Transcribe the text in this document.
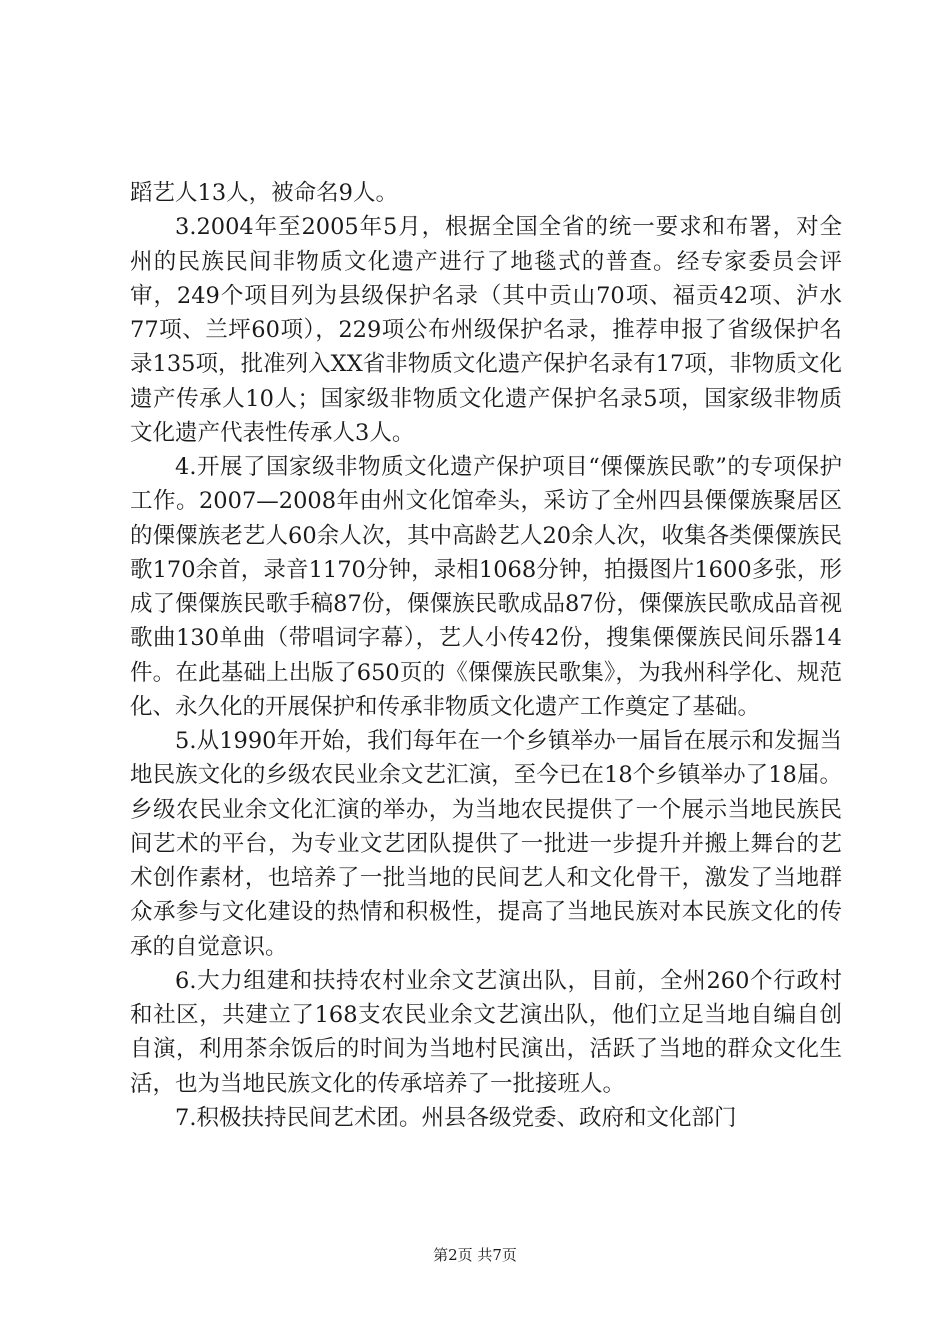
蹈艺人13人，被命名9人。

3.2004年至2005年5月，根据全国全省的统一要求和布署，对全州的民族民间非物质文化遗产进行了地毯式的普查。经专家委员会评审，249个项目列为县级保护名录（其中贡山70项、福贡42项、泸水77项、兰坪60项），229项公布州级保护名录，推荐申报了省级保护名录135项，批准列入XX省非物质文化遗产保护名录有17项，非物质文化遗产传承人10人；国家级非物质文化遗产保护名录5项，国家级非物质文化遗产代表性传承人3人。

4.开展了国家级非物质文化遗产保护项目“傈僳族民歌”的专项保护工作。2007—2008年由州文化馆牵头，采访了全州四县傈僳族聚居区的傈僳族老艺人60余人次，其中高龄艺人20余人次，收集各类傈僳族民歌170余首，录音1170分钟，录相1068分钟，拍摄图片1600多张，形成了傈僳族民歌手稿87份，傈僳族民歌成品87份，傈僳族民歌成品音视歌曲130单曲（带唱词字幕），艺人小传42份，搜集傈僳族民间乐器14件。在此基础上出版了650页的《傈僳族民歌集》，为我州科学化、规范化、永久化的开展保护和传承非物质文化遗产工作奠定了基础。

5.从1990年开始，我们每年在一个乡镇举办一届旨在展示和发掘当地民族文化的乡级农民业余文艺汇演，至今已在18个乡镇举办了18届。乡级农民业余文化汇演的举办，为当地农民提供了一个展示当地民族民间艺术的平台，为专业文艺团队提供了一批进一步提升并搬上舞台的艺术创作素材，也培养了一批当地的民间艺人和文化骨干，激发了当地群众承参与文化建设的热情和积极性，提高了当地民族对本民族文化的传承的自觉意识。

6.大力组建和扶持农村业余文艺演出队，目前，全州260个行政村和社区，共建立了168支农民业余文艺演出队，他们立足当地自编自创自演，利用茶余饭后的时间为当地村民演出，活跃了当地的群众文化生活，也为当地民族文化的传承培养了一批接班人。

7.积极扶持民间艺术团。州县各级党委、政府和文化部门

第2页 共7页
